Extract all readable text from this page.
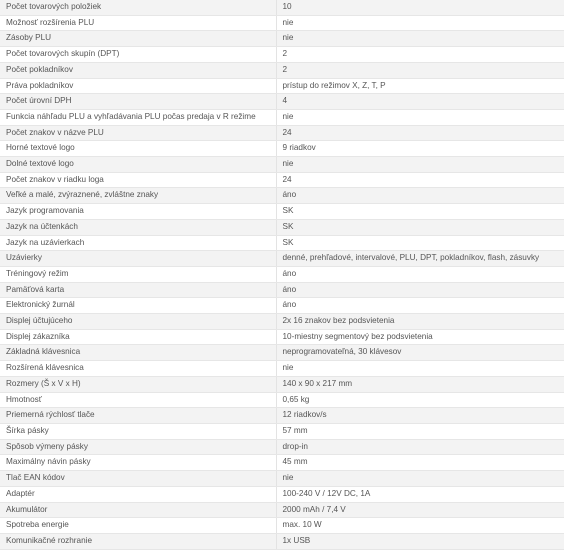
Počet tovarových položiek	10
Možnosť rozšírenia PLU	nie
Zásoby PLU	nie
Počet tovarových skupín (DPT)	2
Počet pokladníkov	2
Práva pokladníkov	prístup do režimov X, Z, T, P
Počet úrovní DPH	4
Funkcia náhľadu PLU a vyhľadávania PLU počas predaja v R režime	nie
Počet znakov v názve PLU	24
Horné textové logo	9 riadkov
Dolné textové logo	nie
Počet znakov v riadku loga	24
Veľké a malé, zvýraznené, zvláštne znaky	áno
Jazyk programovania	SK
Jazyk na účtenkách	SK
Jazyk na uzávierkach	SK
Uzávierky	denné, prehľadové, intervalové, PLU, DPT, pokladníkov, flash, zásuvky
Tréningový režim	áno
Pamäťová karta	áno
Elektronický žurnál	áno
Displej účtujúceho	2x 16 znakov bez podsvietenia
Displej zákazníka	10-miestny segmentový bez podsvietenia
Základná klávesnica	neprogramovateľná, 30 klávesov
Rozšírená klávesnica	nie
Rozmery (Š x V x H)	140 x 90 x 217 mm
Hmotnosť	0,65 kg
Priemerná rýchlosť tlače	12 riadkov/s
Šírka pásky	57 mm
Spôsob výmeny pásky	drop-in
Maximálny návin pásky	45 mm
Tlač EAN kódov	nie
Adaptér	100-240 V / 12V DC, 1A
Akumulátor	2000 mAh / 7,4 V
Spotreba energie	max. 10 W
Komunikačné rozhranie	1x USB
